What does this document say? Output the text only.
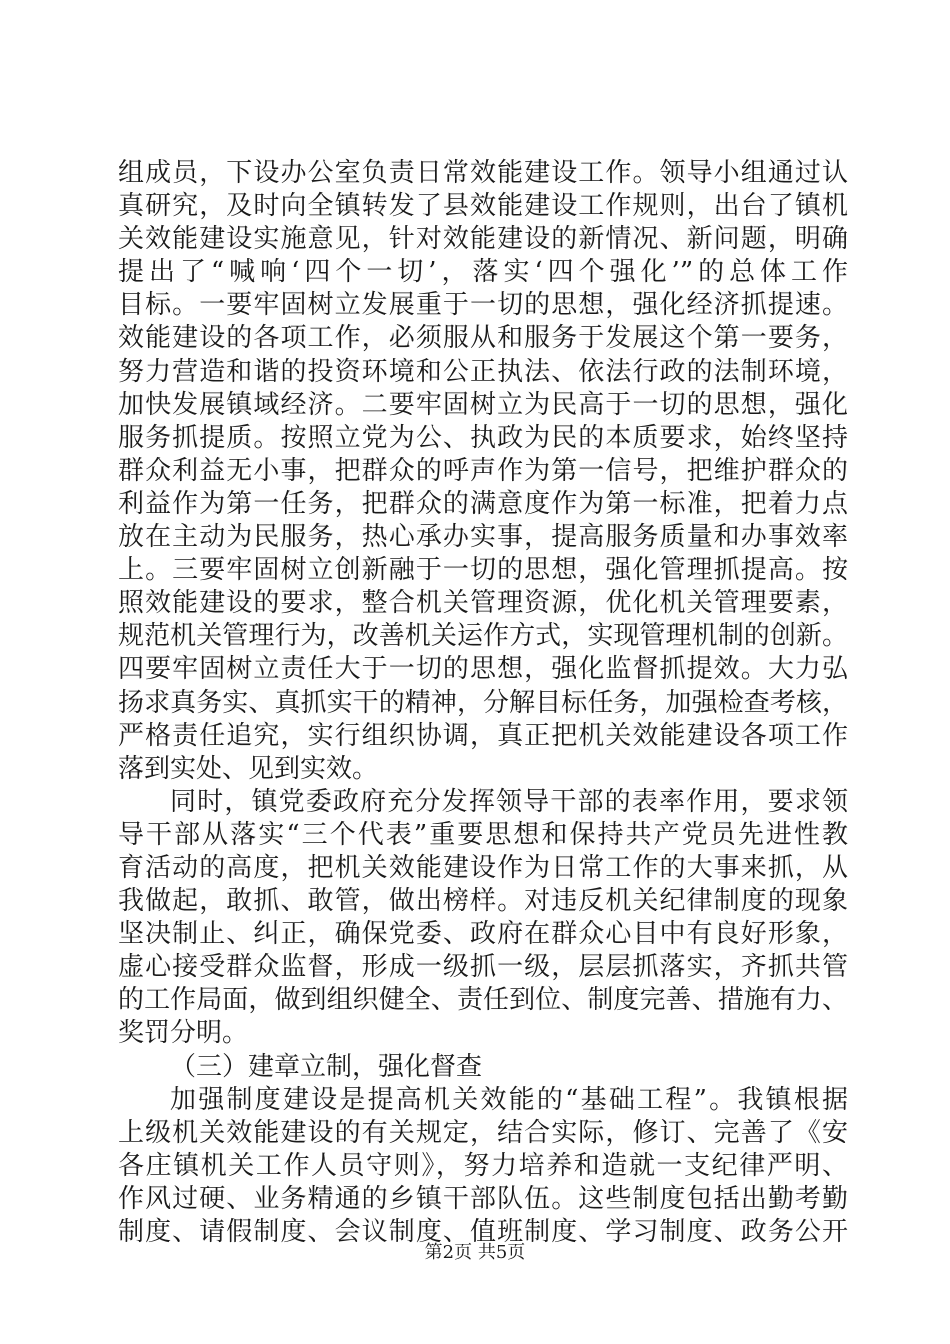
组成员，下设办公室负责日常效能建设工作。领导小组通过认
真研究，及时向全镇转发了县效能建设工作规则，出台了镇机
关效能建设实施意见，针对效能建设的新情况、新问题，明确
提出了“喊响‘四个一切’，落实‘四个强化’”的总体工作
目标。一要牢固树立发展重于一切的思想，强化经济抓提速。
效能建设的各项工作，必须服从和服务于发展这个第一要务，
努力营造和谐的投资环境和公正执法、依法行政的法制环境，
加快发展镇域经济。二要牢固树立为民高于一切的思想，强化
服务抓提质。按照立党为公、执政为民的本质要求，始终坚持
群众利益无小事，把群众的呼声作为第一信号，把维护群众的
利益作为第一任务，把群众的满意度作为第一标准，把着力点
放在主动为民服务，热心承办实事，提高服务质量和办事效率
上。三要牢固树立创新融于一切的思想，强化管理抓提高。按
照效能建设的要求，整合机关管理资源，优化机关管理要素，
规范机关管理行为，改善机关运作方式，实现管理机制的创新。
四要牢固树立责任大于一切的思想，强化监督抓提效。大力弘
扬求真务实、真抓实干的精神，分解目标任务，加强检查考核，
严格责任追究，实行组织协调，真正把机关效能建设各项工作
落到实处、见到实效。
同时，镇党委政府充分发挥领导干部的表率作用，要求领
导干部从落实“三个代表”重要思想和保持共产党员先进性教
育活动的高度，把机关效能建设作为日常工作的大事来抓，从
我做起，敢抓、敢管，做出榜样。对违反机关纪律制度的现象
坚决制止、纠正，确保党委、政府在群众心目中有良好形象，
虚心接受群众监督，形成一级抓一级，层层抓落实，齐抓共管
的工作局面，做到组织健全、责任到位、制度完善、措施有力、
奖罚分明。
（三）建章立制，强化督查
加强制度建设是提高机关效能的“基础工程”。我镇根据
上级机关效能建设的有关规定，结合实际，修订、完善了《安
各庄镇机关工作人员守则》，努力培养和造就一支纪律严明、
作风过硬、业务精通的乡镇干部队伍。这些制度包括出勤考勤
制度、请假制度、会议制度、值班制度、学习制度、政务公开
第2页 共5页
